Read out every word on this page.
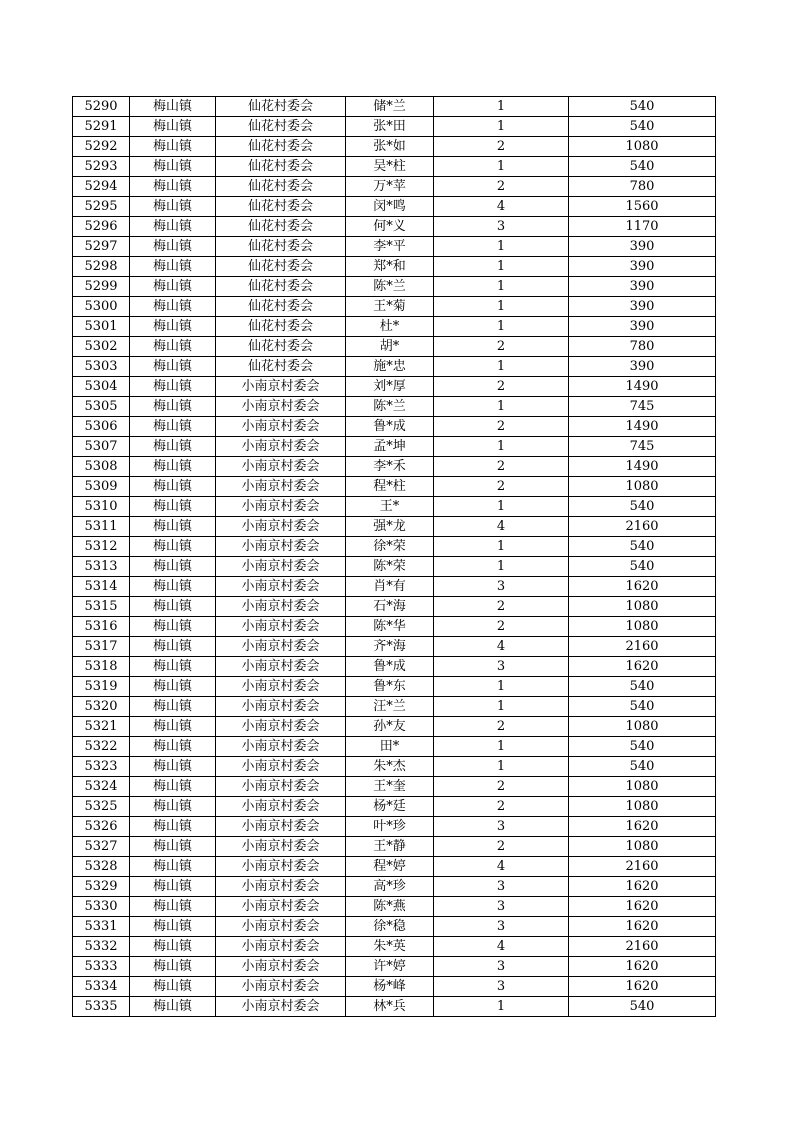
5290	梅山镇	仙花村委会	储*兰	1	540
5291	梅山镇	仙花村委会	张*田	1	540
5292	梅山镇	仙花村委会	张*如	2	1080
5293	梅山镇	仙花村委会	吴*柱	1	540
5294	梅山镇	仙花村委会	万*苹	2	780
5295	梅山镇	仙花村委会	闵*鸣	4	1560
5296	梅山镇	仙花村委会	何*义	3	1170
5297	梅山镇	仙花村委会	李*平	1	390
5298	梅山镇	仙花村委会	郑*和	1	390
5299	梅山镇	仙花村委会	陈*兰	1	390
5300	梅山镇	仙花村委会	王*菊	1	390
5301	梅山镇	仙花村委会	杜*	1	390
5302	梅山镇	仙花村委会	胡*	2	780
5303	梅山镇	仙花村委会	施*忠	1	390
5304	梅山镇	小南京村委会	刘*厚	2	1490
5305	梅山镇	小南京村委会	陈*兰	1	745
5306	梅山镇	小南京村委会	鲁*成	2	1490
5307	梅山镇	小南京村委会	孟*坤	1	745
5308	梅山镇	小南京村委会	李*禾	2	1490
5309	梅山镇	小南京村委会	程*柱	2	1080
5310	梅山镇	小南京村委会	王*	1	540
5311	梅山镇	小南京村委会	强*龙	4	2160
5312	梅山镇	小南京村委会	徐*荣	1	540
5313	梅山镇	小南京村委会	陈*荣	1	540
5314	梅山镇	小南京村委会	肖*有	3	1620
5315	梅山镇	小南京村委会	石*海	2	1080
5316	梅山镇	小南京村委会	陈*华	2	1080
5317	梅山镇	小南京村委会	齐*海	4	2160
5318	梅山镇	小南京村委会	鲁*成	3	1620
5319	梅山镇	小南京村委会	鲁*东	1	540
5320	梅山镇	小南京村委会	汪*兰	1	540
5321	梅山镇	小南京村委会	孙*友	2	1080
5322	梅山镇	小南京村委会	田*	1	540
5323	梅山镇	小南京村委会	朱*杰	1	540
5324	梅山镇	小南京村委会	王*奎	2	1080
5325	梅山镇	小南京村委会	杨*廷	2	1080
5326	梅山镇	小南京村委会	叶*珍	3	1620
5327	梅山镇	小南京村委会	王*静	2	1080
5328	梅山镇	小南京村委会	程*婷	4	2160
5329	梅山镇	小南京村委会	高*珍	3	1620
5330	梅山镇	小南京村委会	陈*燕	3	1620
5331	梅山镇	小南京村委会	徐*稳	3	1620
5332	梅山镇	小南京村委会	朱*英	4	2160
5333	梅山镇	小南京村委会	许*婷	3	1620
5334	梅山镇	小南京村委会	杨*峰	3	1620
5335	梅山镇	小南京村委会	林*兵	1	540
